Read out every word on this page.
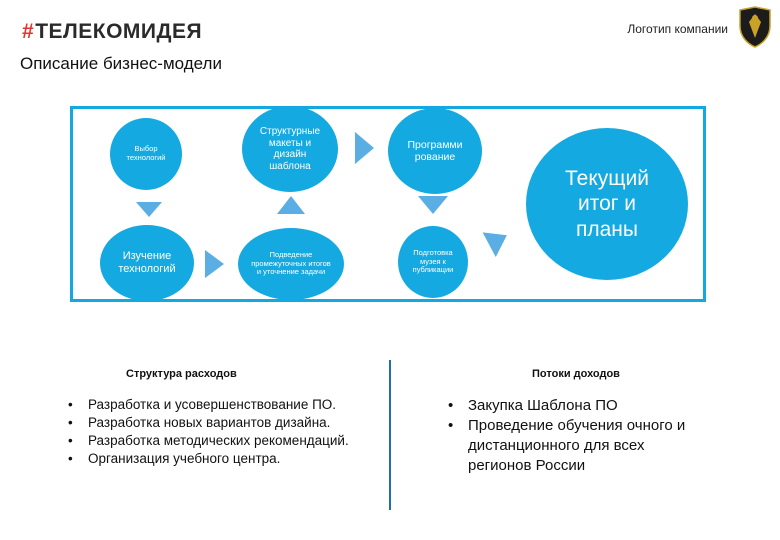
#ТЕЛЕКОМИДЕЯ	Логотип компании
Описание бизнес-модели
Выбор технологий
Изучение технологий
Структурные макеты и дизайн шаблона
Подведение промежуточных итогов и уточнение задачи
Программи рование
Подготовка музея к публикации
Текущий итог и планы
Структура расходов
• Разработка и усовершенствование ПО.
• Разработка новых вариантов дизайна.
• Разработка методических рекомендаций.
• Организация учебного центра.
Потоки доходов
• Закупка Шаблона ПО
• Проведение обучения очного и дистанционного для всех регионов России
